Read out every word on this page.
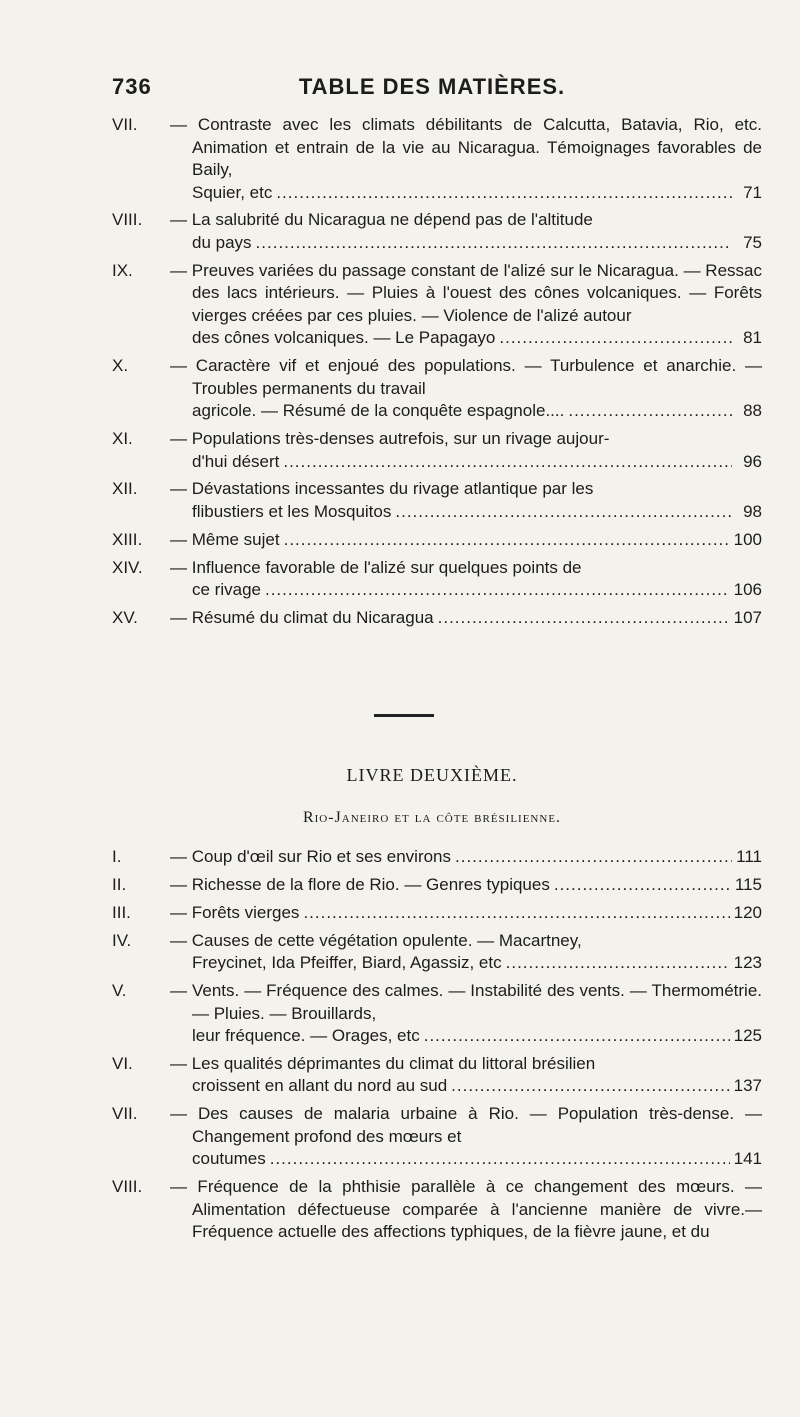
TABLE DES MATIÈRES.
736
VII.	— Contraste avec les climats débilitants de Calcutta, Batavia, Rio, etc. Animation et entrain de la vie au Nicaragua. Témoignages favorables de Baily,
Squier, etc .....	71
VIII.	— La salubrité du Nicaragua ne dépend pas de l'altitude
du pays .....	75
IX.	— Preuves variées du passage constant de l'alizé sur le Nicaragua. — Ressac des lacs intérieurs. — Pluies à l'ouest des cônes volcaniques. — Forêts vierges créées par ces pluies. — Violence de l'alizé autour
des cônes volcaniques. — Le Papagayo .....	81
X.	— Caractère vif et enjoué des populations. — Turbulence et anarchie. — Troubles permanents du travail
agricole. — Résumé de la conquête espagnole.... .....	88
XI.	— Populations très-denses autrefois, sur un rivage aujour-
d'hui désert .....	96
XII.	— Dévastations incessantes du rivage atlantique par les
flibustiers et les Mosquitos .....	98
XIII.	— Même sujet .....	100
XIV.	— Influence favorable de l'alizé sur quelques points de
ce rivage .....	106
XV.	— Résumé du climat du Nicaragua .....	107
LIVRE DEUXIÈME.
Rio-Janeiro et la côte brésilienne.
I.	— Coup d'œil sur Rio et ses environs .....	111
II.	— Richesse de la flore de Rio. — Genres typiques .....	115
III.	— Forêts vierges .....	120
IV.	— Causes de cette végétation opulente. — Macartney,
Freycinet, Ida Pfeiffer, Biard, Agassiz, etc .....	123
V.	— Vents. — Fréquence des calmes. — Instabilité des vents. — Thermométrie. — Pluies. — Brouillards,
leur fréquence. — Orages, etc .....	125
VI.	— Les qualités déprimantes du climat du littoral brésilien
croissent en allant du nord au sud .....	137
VII.	— Des causes de malaria urbaine à Rio. — Population très-dense. — Changement profond des mœurs et
coutumes .....	141
VIII.	— Fréquence de la phthisie parallèle à ce changement des mœurs. — Alimentation défectueuse comparée à l'ancienne manière de vivre.— Fréquence actuelle des affections typhiques, de la fièvre jaune, et du
